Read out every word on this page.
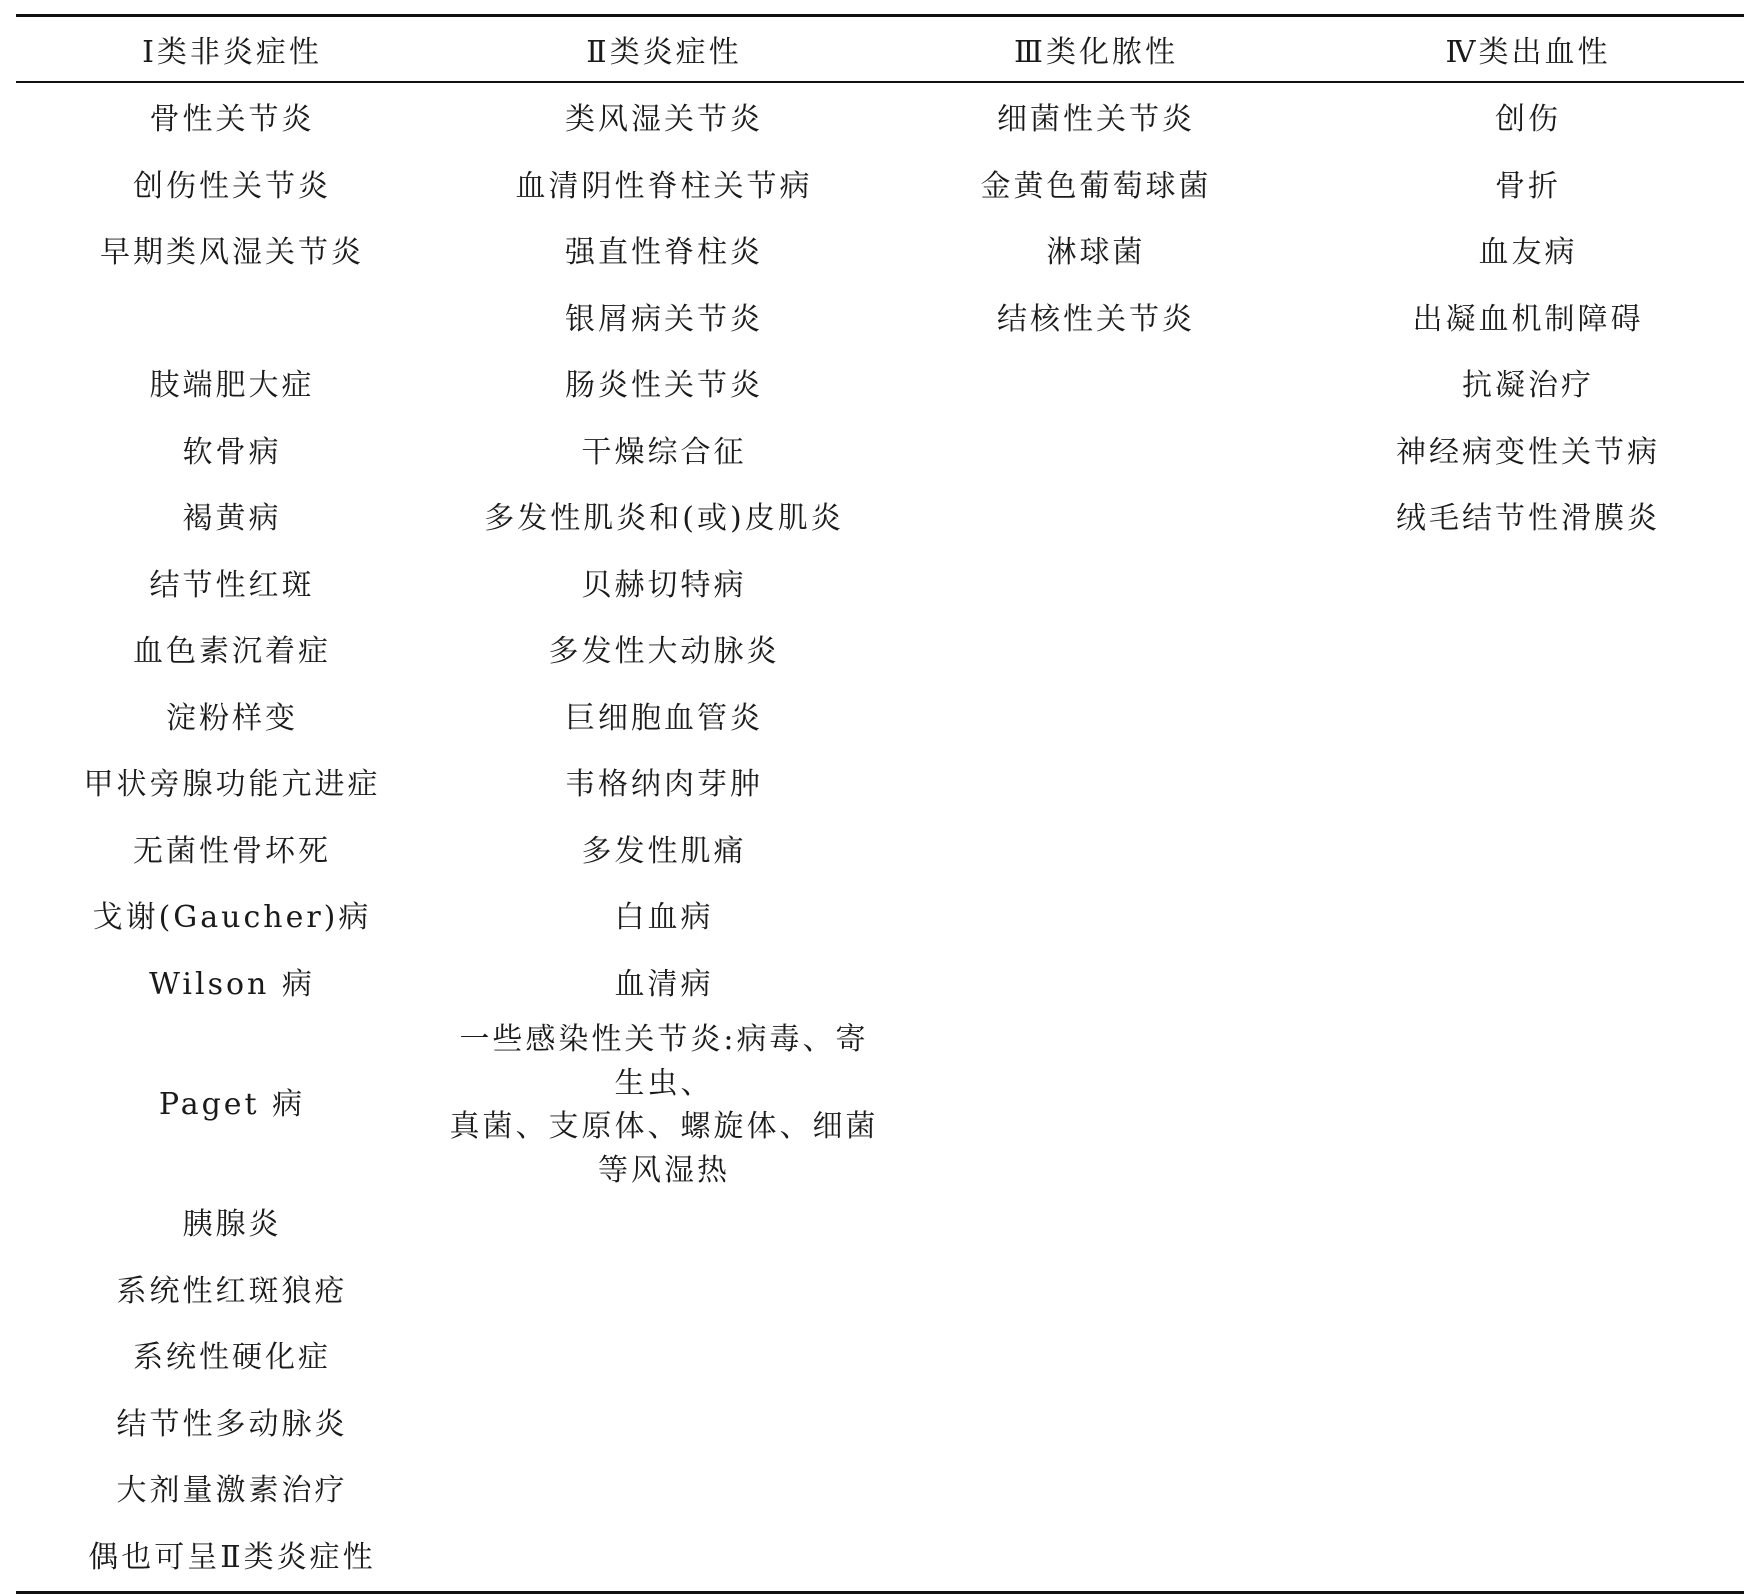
Ⅰ类非炎症性	Ⅱ类炎症性	Ⅲ类化脓性	Ⅳ类出血性
骨性关节炎	类风湿关节炎	细菌性关节炎	创伤
创伤性关节炎	血清阴性脊柱关节病	金黄色葡萄球菌	骨折
早期类风湿关节炎	强直性脊柱炎	淋球菌	血友病
	银屑病关节炎	结核性关节炎	出凝血机制障碍
肢端肥大症	肠炎性关节炎		抗凝治疗
软骨病	干燥综合征		神经病变性关节病
褐黄病	多发性肌炎和(或)皮肌炎		绒毛结节性滑膜炎
结节性红斑	贝赫切特病		
血色素沉着症	多发性大动脉炎		
淀粉样变	巨细胞血管炎		
甲状旁腺功能亢进症	韦格纳肉芽肿		
无菌性骨坏死	多发性肌痛		
戈谢(Gaucher)病	白血病		
Wilson 病	血清病		
Paget 病	一些感染性关节炎:病毒、寄生虫、
真菌、支原体、螺旋体、细菌等风湿热		

胰腺炎			
系统性红斑狼疮			
系统性硬化症			
结节性多动脉炎			
大剂量激素治疗			
偶也可呈Ⅱ类炎症性			
